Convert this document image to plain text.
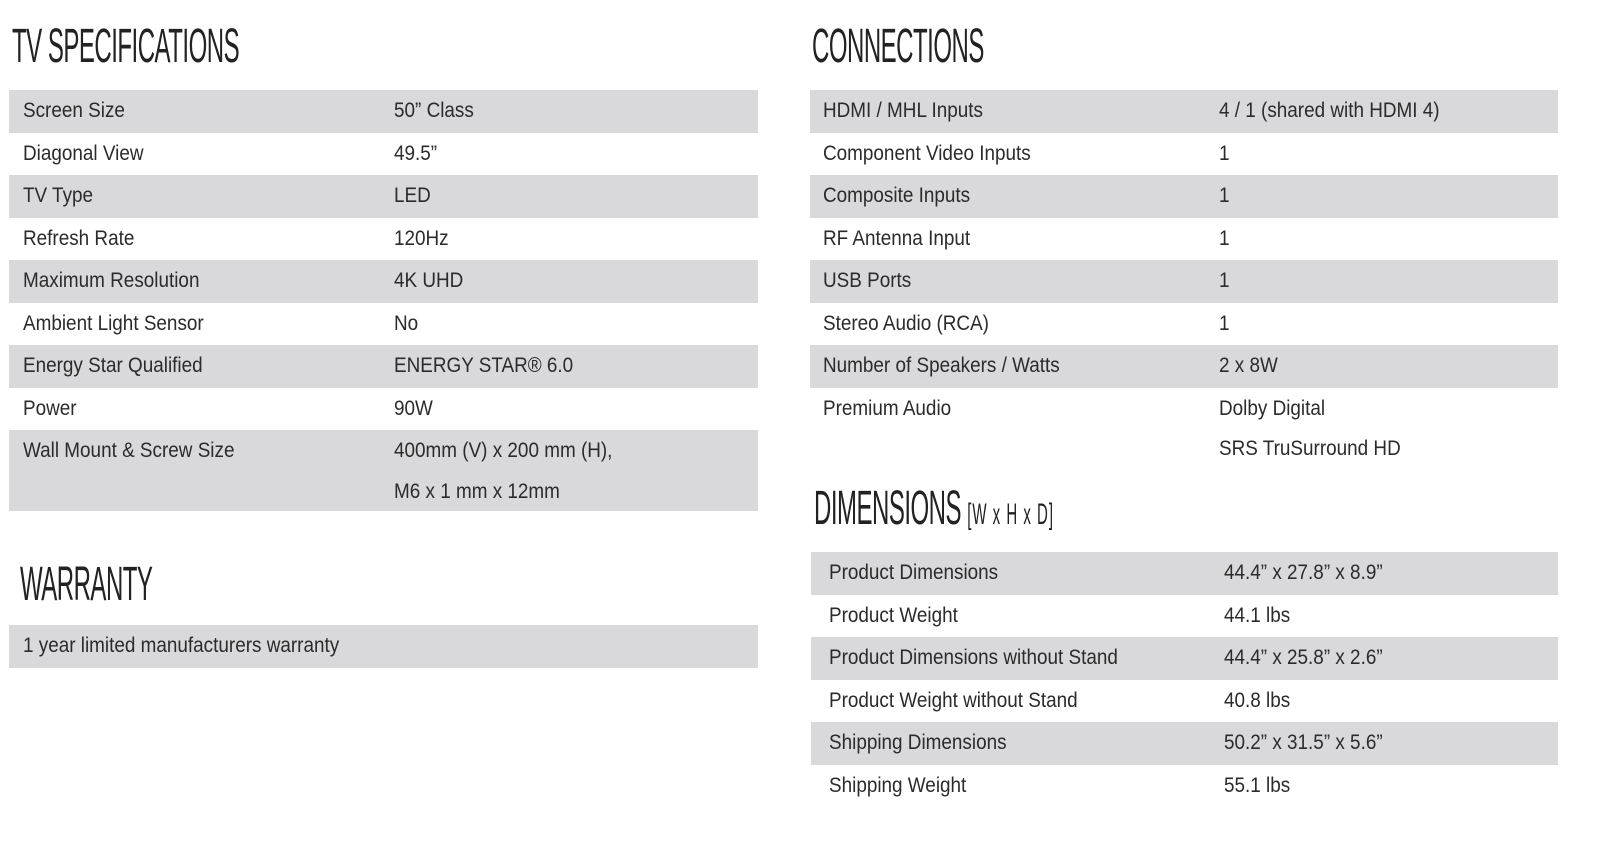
TV SPECIFICATIONS
Screen Size	50” Class
Diagonal View	49.5”
TV Type	LED
Refresh Rate	120Hz
Maximum Resolution	4K UHD
Ambient Light Sensor	No
Energy Star Qualified	ENERGY STAR® 6.0
Power	90W
Wall Mount & Screw Size	400mm (V) x 200 mm (H),
M6 x 1 mm x 12mm
WARRANTY
1 year limited manufacturers warranty
CONNECTIONS
HDMI / MHL Inputs	4 / 1 (shared with HDMI 4)
Component Video Inputs	1
Composite Inputs	1
RF Antenna Input	1
USB Ports	1
Stereo Audio (RCA)	1
Number of Speakers / Watts	2 x 8W
Premium Audio	Dolby Digital
SRS TruSurround HD
DIMENSIONS [W x H x D]
Product Dimensions	44.4” x 27.8” x 8.9”
Product Weight	44.1 lbs
Product Dimensions without Stand	44.4” x 25.8” x 2.6”
Product Weight without Stand	40.8 lbs
Shipping Dimensions	50.2” x 31.5” x 5.6”
Shipping Weight	55.1 lbs
